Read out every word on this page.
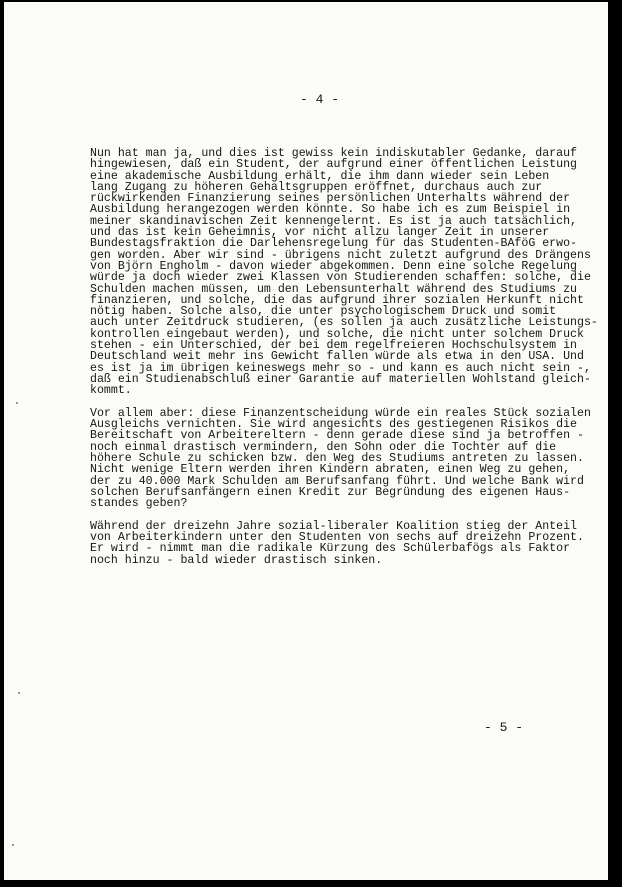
- 4 -

Nun hat man ja, und dies ist gewiss kein indiskutabler Gedanke, darauf
hingewiesen, daß ein Student, der aufgrund einer öffentlichen Leistung
eine akademische Ausbildung erhält, die ihm dann wieder sein Leben
lang Zugang zu höheren Gehaltsgruppen eröffnet, durchaus auch zur
rückwirkenden Finanzierung seines persönlichen Unterhalts während der
Ausbildung herangezogen werden könnte. So habe ich es zum Beispiel in
meiner skandinavischen Zeit kennengelernt. Es ist ja auch tatsächlich,
und das ist kein Geheimnis, vor nicht allzu langer Zeit in unserer
Bundestagsfraktion die Darlehensregelung für das Studenten-BAföG erwo-
gen worden. Aber wir sind - übrigens nicht zuletzt aufgrund des Drängens
von Björn Engholm - davon wieder abgekommen. Denn eine solche Regelung
würde ja doch wieder zwei Klassen von Studierenden schaffen: solche, die
Schulden machen müssen, um den Lebensunterhalt während des Studiums zu
finanzieren, und solche, die das aufgrund ihrer sozialen Herkunft nicht
nötig haben. Solche also, die unter psychologischem Druck und somit
auch unter Zeitdruck studieren, (es sollen ja auch zusätzliche Leistungs-
kontrollen eingebaut werden), und solche, die nicht unter solchem Druck
stehen - ein Unterschied, der bei dem regelfreieren Hochschulsystem in
Deutschland weit mehr ins Gewicht fallen würde als etwa in den USA. Und
es ist ja im übrigen keineswegs mehr so - und kann es auch nicht sein -,
daß ein Studienabschluß einer Garantie auf materiellen Wohlstand gleich-
kommt.
Vor allem aber: diese Finanzentscheidung würde ein reales Stück sozialen
Ausgleichs vernichten. Sie wird angesichts des gestiegenen Risikos die
Bereitschaft von Arbeitereltern - denn gerade diese sind ja betroffen -
noch einmal drastisch vermindern, den Sohn oder die Tochter auf die
höhere Schule zu schicken bzw. den Weg des Studiums antreten zu lassen.
Nicht wenige Eltern werden ihren Kindern abraten, einen Weg zu gehen,
der zu 40.000 Mark Schulden am Berufsanfang führt. Und welche Bank wird
solchen Berufsanfängern einen Kredit zur Begründung des eigenen Haus-
standes geben?
Während der dreizehn Jahre sozial-liberaler Koalition stieg der Anteil
von Arbeiterkindern unter den Studenten von sechs auf dreizehn Prozent.
Er wird - nimmt man die radikale Kürzung des Schülerbafögs als Faktor
noch hinzu - bald wieder drastisch sinken.

- 5 -
